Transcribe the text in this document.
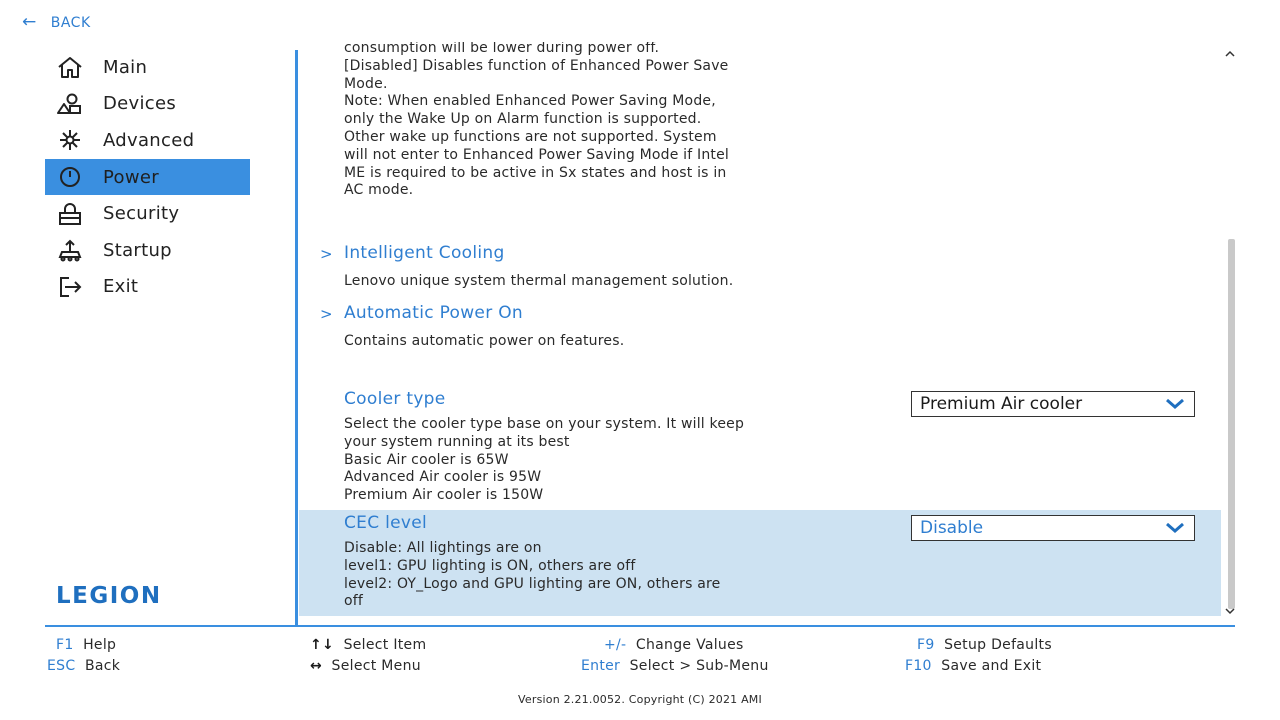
← BACK
Main
Devices
Advanced
Power
Security
Startup
Exit
LEGION
consumption will be lower during power off.
[Disabled] Disables function of Enhanced Power Save
Mode.
Note: When enabled Enhanced Power Saving Mode,
only the Wake Up on Alarm function is supported.
Other wake up functions are not supported. System
will not enter to Enhanced Power Saving Mode if Intel
ME is required to be active in Sx states and host is in
AC mode.
> Intelligent Cooling
Lenovo unique system thermal management solution.
> Automatic Power On
Contains automatic power on features.
Cooler type
Select the cooler type base on your system. It will keep
your system running at its best
Basic Air cooler is 65W
Advanced Air cooler is 95W
Premium Air cooler is 150W
Premium Air cooler
CEC level
Disable: All lightings are on
level1: GPU lighting is ON, others are off
level2: OY_Logo and GPU lighting are ON, others are
off
Disable
F1 Help
ESC Back
↑↓ Select Item
↔ Select Menu
+/- Change Values
Enter Select > Sub-Menu
F9 Setup Defaults
F10 Save and Exit
Version 2.21.0052. Copyright (C) 2021 AMI
